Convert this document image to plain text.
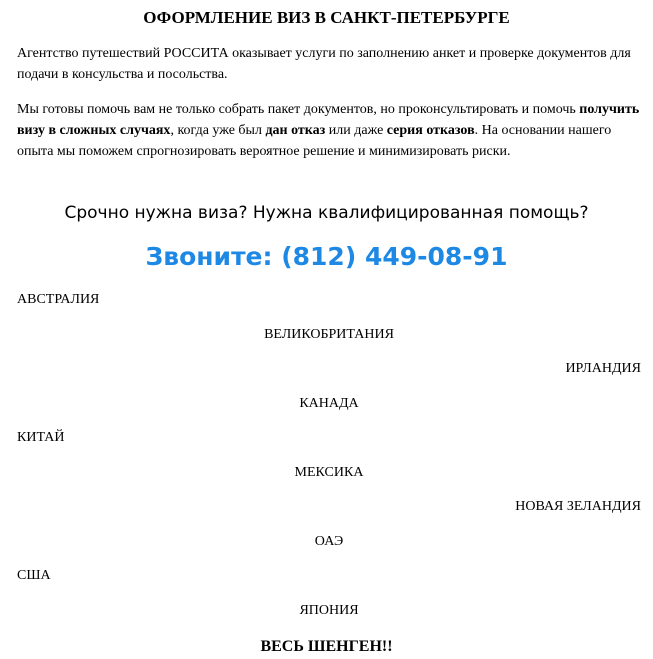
ОФОРМЛЕНИЕ ВИЗ В САНКТ-ПЕТЕРБУРГЕ

Агентство путешествий РОССИТА оказывает услуги по заполнению анкет и проверке документов для подачи в консульства и посольства.

Мы готовы помочь вам не только собрать пакет документов, но проконсультировать и помочь получить визу в сложных случаях, когда уже был дан отказ или даже серия отказов. На основании нашего опыта мы поможем спрогнозировать вероятное решение и минимизировать риски.

Срочно нужна виза? Нужна квалифицированная помощь?

Звоните: (812) 449-08-91

АВСТРАЛИЯ
ВЕЛИКОБРИТАНИЯ
ИРЛАНДИЯ
КАНАДА
КИТАЙ
МЕКСИКА
НОВАЯ ЗЕЛАНДИЯ
ОАЭ
США
ЯПОНИЯ
ВЕСЬ ШЕНГЕН!!
